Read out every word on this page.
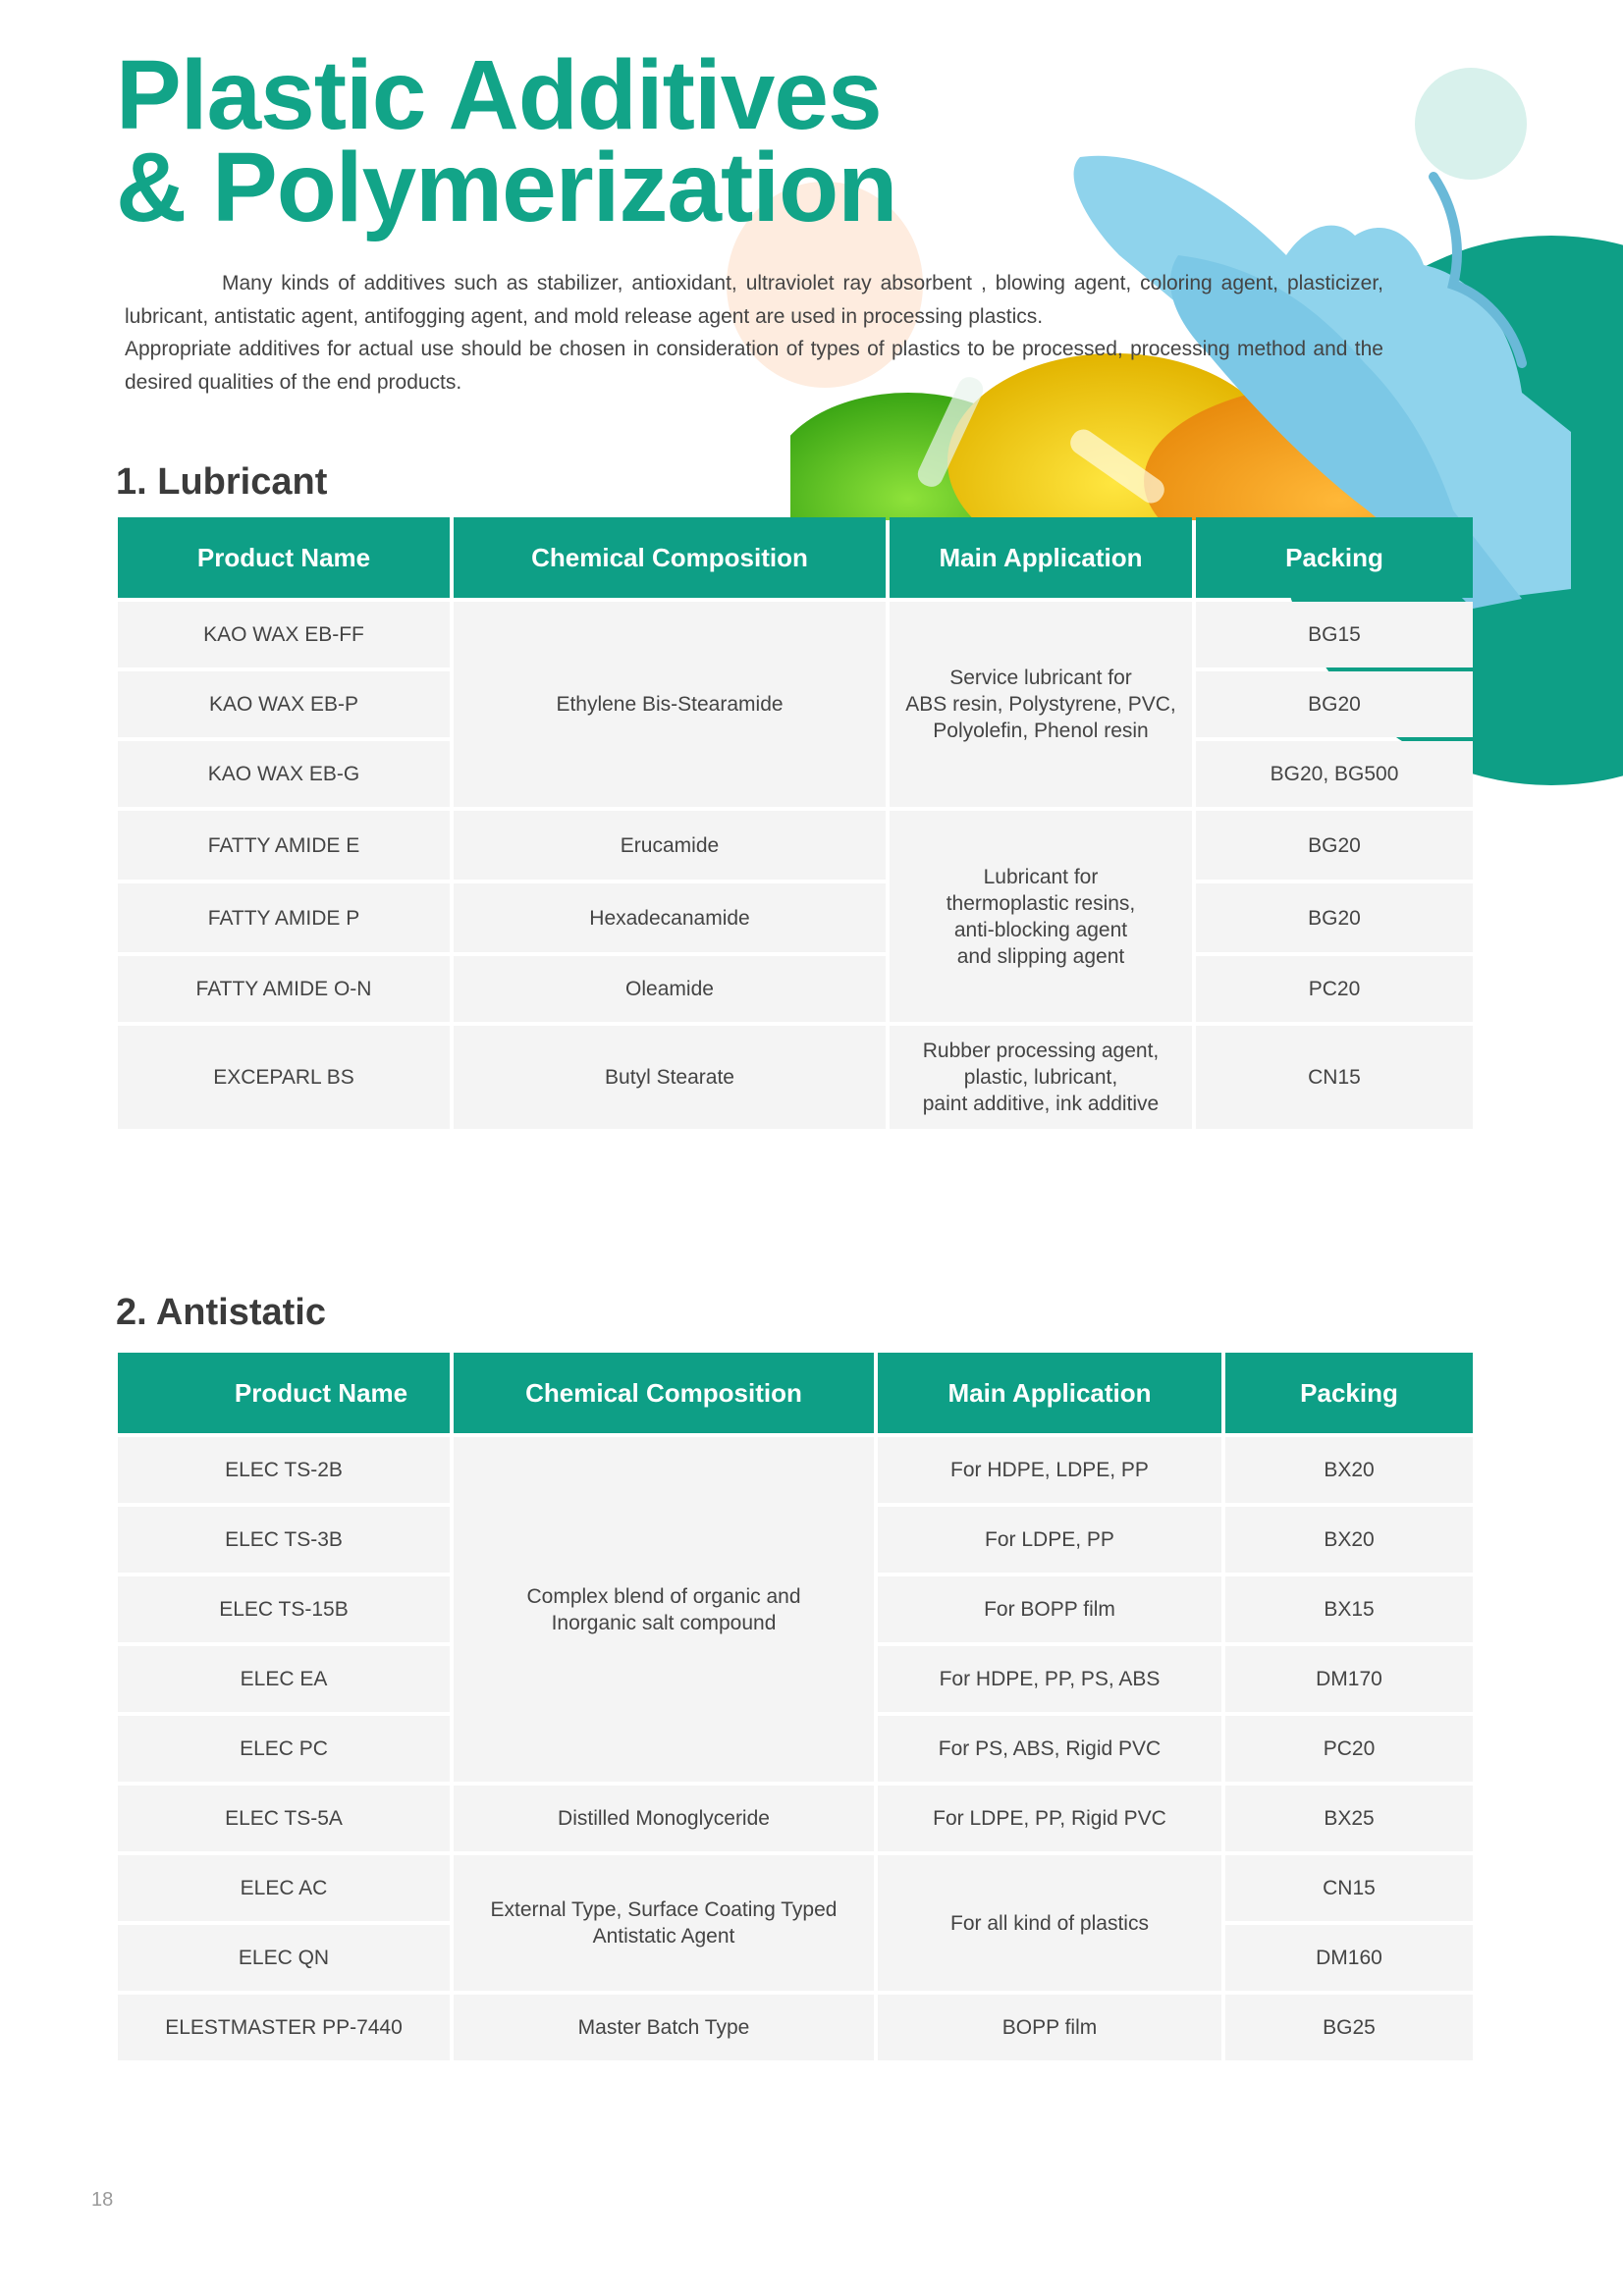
Plastic Additives
& Polymerization

Many kinds of additives such as stabilizer, antioxidant, ultraviolet ray absorbent , blowing agent, coloring agent, plasticizer, lubricant, antistatic agent, antifogging agent, and mold release agent are used in processing plastics.

Appropriate additives for actual use should be chosen in consideration of types of plastics to be processed, processing method and the desired qualities of the end products.

1. Lubricant
Product Name	Chemical Composition	Main Application	Packing
KAO WAX EB-FF	Ethylene Bis-Stearamide	Service lubricant for
ABS resin, Polystyrene, PVC,
Polyolefin, Phenol resin	BG15
KAO WAX EB-P			BG20
KAO WAX EB-G			BG20, BG500
FATTY AMIDE E	Erucamide	Lubricant for
thermoplastic resins,
anti-blocking agent
and slipping agent	BG20
FATTY AMIDE P	Hexadecanamide		BG20
FATTY AMIDE O-N	Oleamide		PC20
EXCEPARL BS	Butyl Stearate	Rubber processing agent,
plastic, lubricant,
paint additive, ink additive	CN15
2. Antistatic
Product Name	Chemical Composition	Main Application	Packing
ELEC TS-2B	Complex blend of organic and
Inorganic salt compound	For HDPE, LDPE, PP	BX20
ELEC TS-3B		For LDPE, PP	BX20
ELEC TS-15B		For BOPP film	BX15
ELEC EA		For HDPE, PP, PS, ABS	DM170
ELEC PC		For PS, ABS, Rigid PVC	PC20
ELEC TS-5A	Distilled Monoglyceride	For LDPE, PP, Rigid PVC	BX25
ELEC AC	External Type, Surface Coating Typed
Antistatic Agent	For all kind of plastics	CN15
ELEC QN			DM160
ELESTMASTER PP-7440	Master Batch Type	BOPP film	BG25
18
